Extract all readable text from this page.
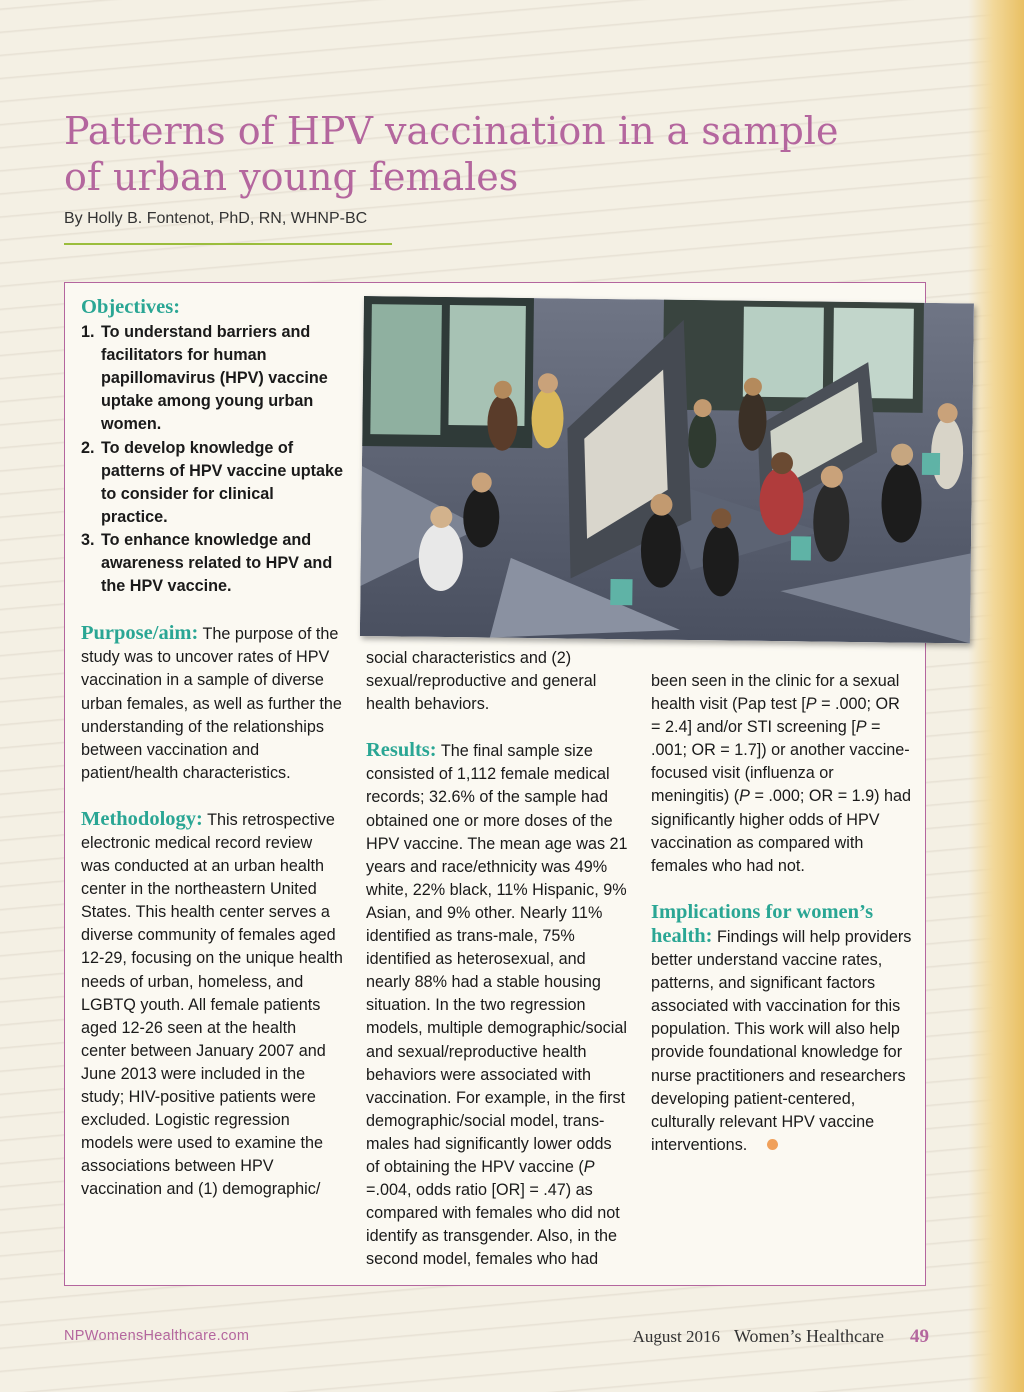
Patterns of HPV vaccination in a sample of urban young females
By Holly B. Fontenot, PhD, RN, WHNP-BC
Objectives:
1. To understand barriers and facilitators for human papillomavirus (HPV) vaccine uptake among young urban women.
2. To develop knowledge of patterns of HPV vaccine uptake to consider for clinical practice.
3. To enhance knowledge and awareness related to HPV and the HPV vaccine.

Purpose/aim: The purpose of the study was to uncover rates of HPV vaccination in a sample of diverse urban females, as well as further the understanding of the relationships between vaccination and patient/health characteristics.

Methodology: This retrospective electronic medical record review was conducted at an urban health center in the northeastern United States. This health center serves a diverse community of females aged 12-29, focusing on the unique health needs of urban, homeless, and LGBTQ youth. All female patients aged 12-26 seen at the health center between January 2007 and June 2013 were included in the study; HIV-positive patients were excluded. Logistic regression models were used to examine the associations between HPV vaccination and (1) demographic/

social characteristics and (2) sexual/reproductive and general health behaviors.

Results: The final sample size consisted of 1,112 female medical records; 32.6% of the sample had obtained one or more doses of the HPV vaccine. The mean age was 21 years and race/ethnicity was 49% white, 22% black, 11% Hispanic, 9% Asian, and 9% other. Nearly 11% identified as trans-male, 75% identified as heterosexual, and nearly 88% had a stable housing situation. In the two regression models, multiple demographic/social and sexual/reproductive health behaviors were associated with vaccination. For example, in the first demographic/social model, trans-males had significantly lower odds of obtaining the HPV vaccine (P =.004, odds ratio [OR] = .47) as compared with females who did not identify as transgender. Also, in the second model, females who had

been seen in the clinic for a sexual health visit (Pap test [P = .000; OR = 2.4] and/or STI screening [P = .001; OR = 1.7]) or another vaccine-focused visit (influenza or meningitis) (P = .000; OR = 1.9) had significantly higher odds of HPV vaccination as compared with females who had not.

Implications for women’s health: Findings will help providers better understand vaccine rates, patterns, and significant factors associated with vaccination for this population. This work will also help provide foundational knowledge for nurse practitioners and researchers developing patient-centered, culturally relevant HPV vaccine interventions.

NPWomensHealthcare.com	August 2016 Women’s Healthcare 49
